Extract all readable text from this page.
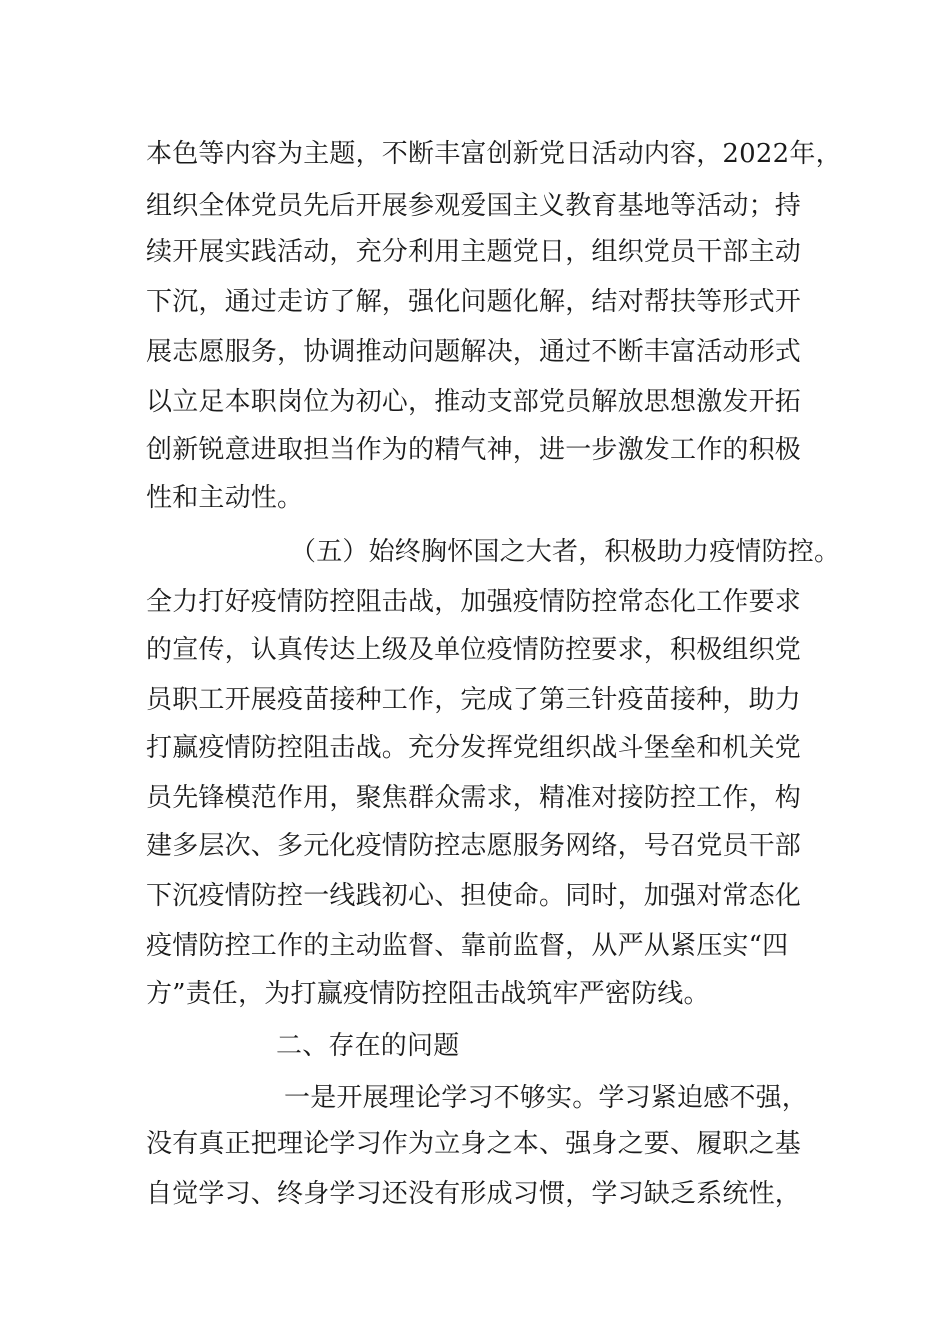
本色等内容为主题，不断丰富创新党日活动内容，2022年，
组织全体党员先后开展参观爱国主义教育基地等活动；持
续开展实践活动，充分利用主题党日，组织党员干部主动
下沉，通过走访了解，强化问题化解，结对帮扶等形式开
展志愿服务，协调推动问题解决，通过不断丰富活动形式
以立足本职岗位为初心，推动支部党员解放思想激发开拓
创新锐意进取担当作为的精气神，进一步激发工作的积极
性和主动性。
（五）始终胸怀国之大者，积极助力疫情防控。
全力打好疫情防控阻击战，加强疫情防控常态化工作要求
的宣传，认真传达上级及单位疫情防控要求，积极组织党
员职工开展疫苗接种工作，完成了第三针疫苗接种，助力
打赢疫情防控阻击战。充分发挥党组织战斗堡垒和机关党
员先锋模范作用，聚焦群众需求，精准对接防控工作，构
建多层次、多元化疫情防控志愿服务网络，号召党员干部
下沉疫情防控一线践初心、担使命。同时，加强对常态化
疫情防控工作的主动监督、靠前监督，从严从紧压实“四
方”责任，为打赢疫情防控阻击战筑牢严密防线。
二、存在的问题
一是开展理论学习不够实。学习紧迫感不强，
没有真正把理论学习作为立身之本、强身之要、履职之基
自觉学习、终身学习还没有形成习惯，学习缺乏系统性，
